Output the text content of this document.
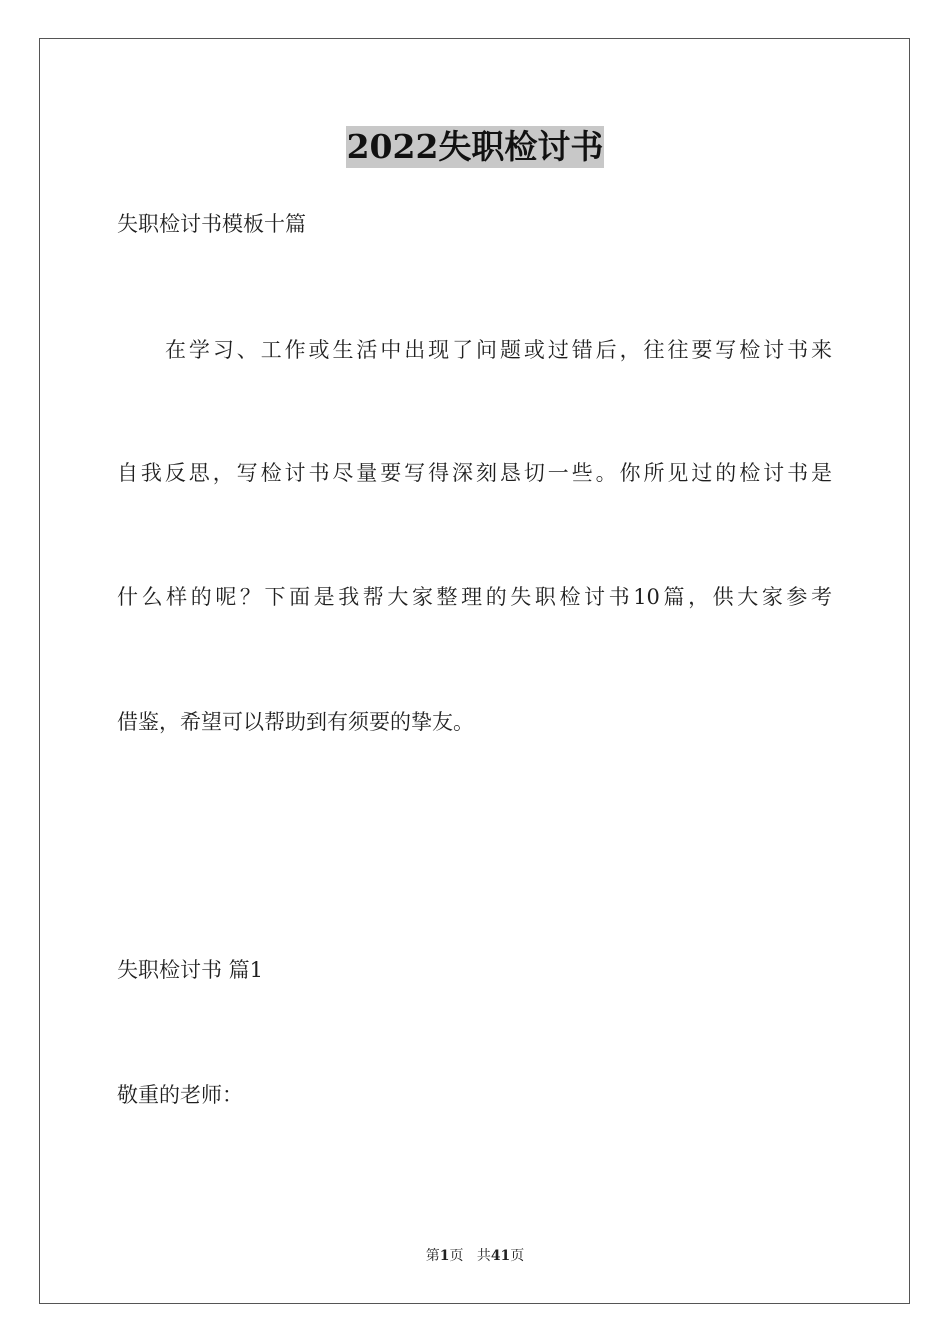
2022失职检讨书
失职检讨书模板十篇
在学习、工作或生活中出现了问题或过错后，往往要写检讨书来
自我反思，写检讨书尽量要写得深刻恳切一些。你所见过的检讨书是
什么样的呢？下面是我帮大家整理的失职检讨书10篇，供大家参考
借鉴，希望可以帮助到有须要的挚友。
失职检讨书 篇1
敬重的老师：
第1页 共41页
